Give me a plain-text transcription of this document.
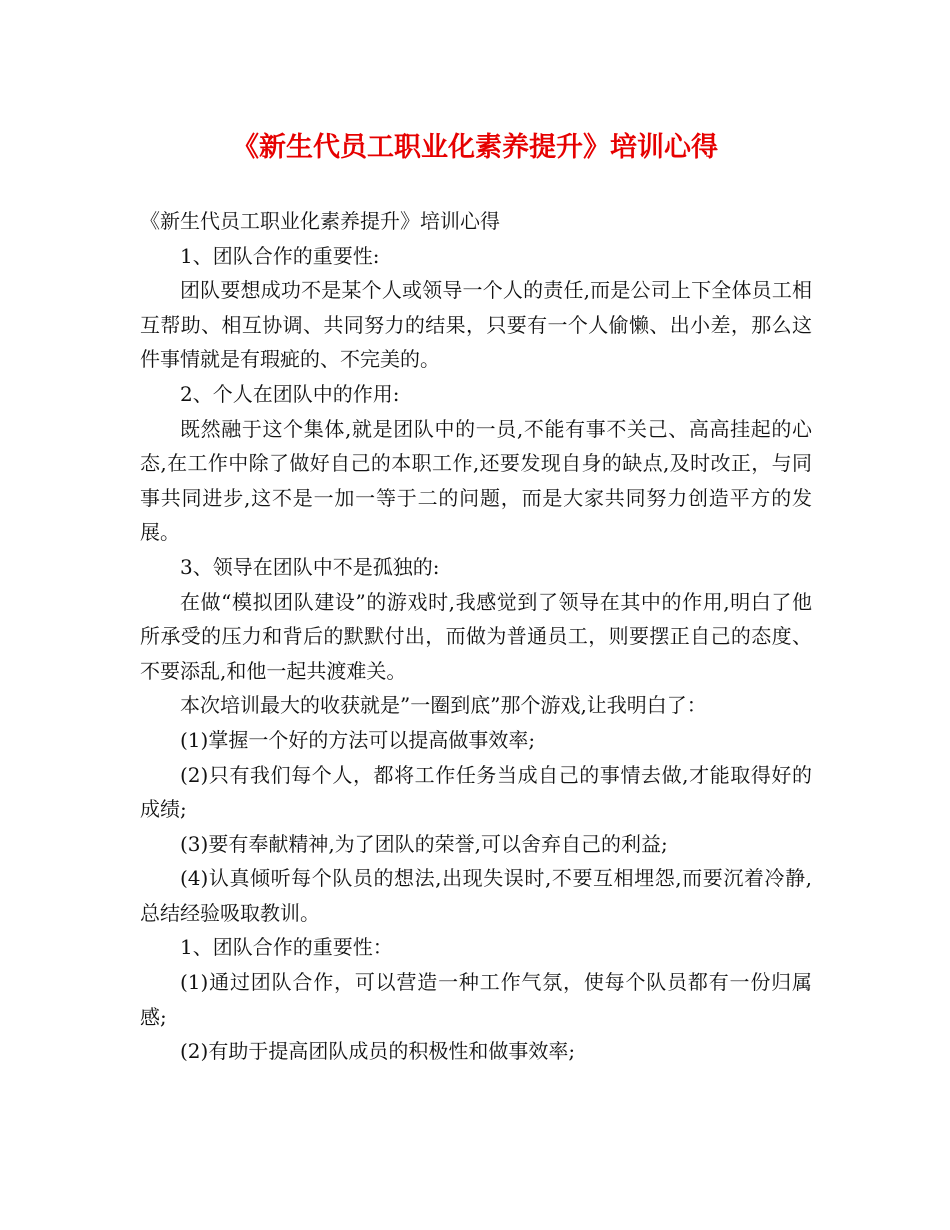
《新生代员工职业化素养提升》培训心得

《新生代员工职业化素养提升》培训心得

1、团队合作的重要性:

团队要想成功不是某个人或领导一个人的责任,而是公司上下全体员工相互帮助、相互协调、共同努力的结果，只要有一个人偷懒、出小差，那么这件事情就是有瑕疵的、不完美的。

2、个人在团队中的作用:

既然融于这个集体,就是团队中的一员,不能有事不关己、高高挂起的心态,在工作中除了做好自己的本职工作,还要发现自身的缺点,及时改正，与同事共同进步,这不是一加一等于二的问题，而是大家共同努力创造平方的发展。

3、领导在团队中不是孤独的:

在做“模拟团队建设”的游戏时,我感觉到了领导在其中的作用,明白了他所承受的压力和背后的默默付出，而做为普通员工，则要摆正自己的态度、不要添乱,和他一起共渡难关。

本次培训最大的收获就是”一圈到底”那个游戏,让我明白了：

(1)掌握一个好的方法可以提高做事效率;

(2)只有我们每个人，都将工作任务当成自己的事情去做,才能取得好的成绩;

(3)要有奉献精神,为了团队的荣誉,可以舍弃自己的利益;

(4)认真倾听每个队员的想法,出现失误时,不要互相埋怨,而要沉着冷静,总结经验吸取教训。

1、团队合作的重要性：

(1)通过团队合作，可以营造一种工作气氛，使每个队员都有一份归属感;

(2)有助于提高团队成员的积极性和做事效率;
